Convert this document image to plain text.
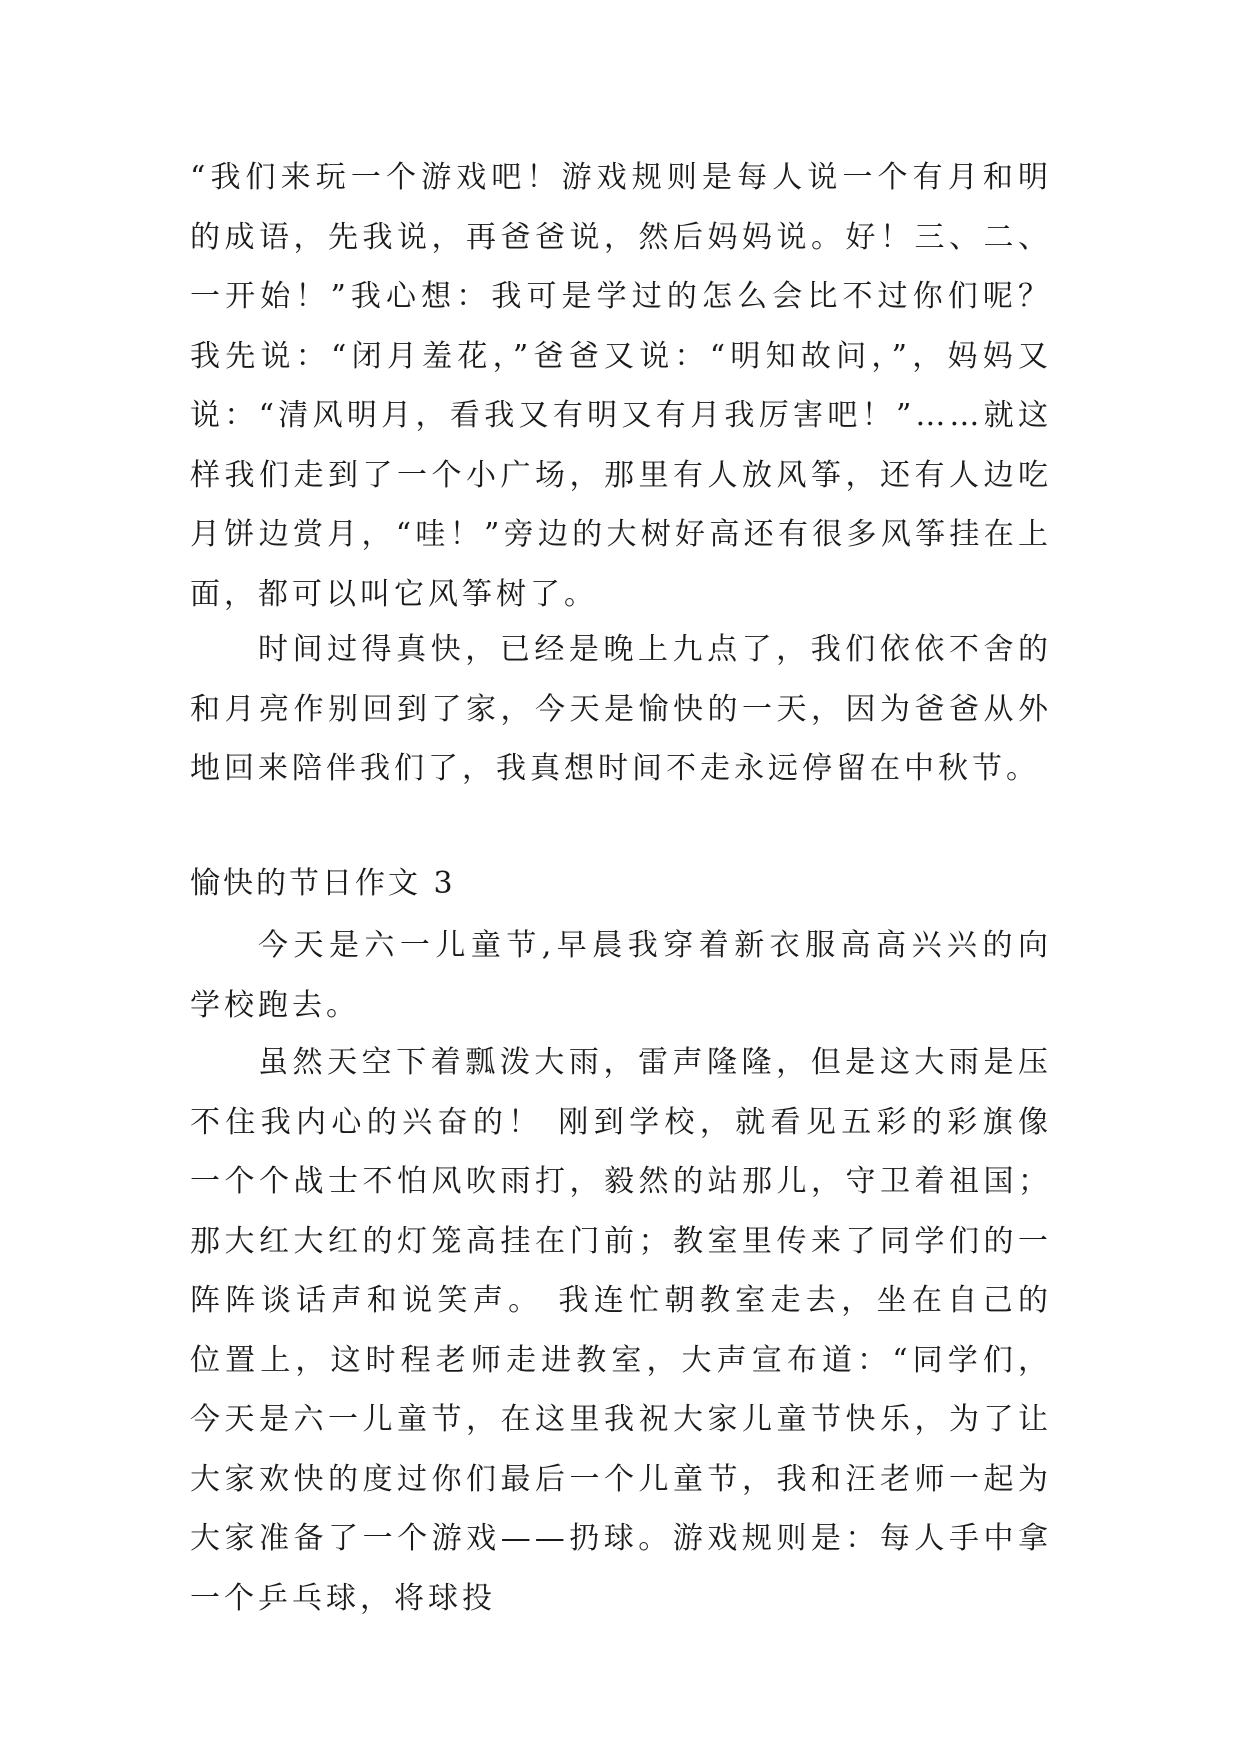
“我们来玩一个游戏吧！游戏规则是每人说一个有月和明的成语，先我说，再爸爸说，然后妈妈说。好！三、二、一开始！”我心想：我可是学过的怎么会比不过你们呢？我先说：“闭月羞花，”爸爸又说：“明知故问，”，妈妈又说：“清风明月，看我又有明又有月我厉害吧！”……就这样我们走到了一个小广场，那里有人放风筝，还有人边吃月饼边赏月，“哇！”旁边的大树好高还有很多风筝挂在上面，都可以叫它风筝树了。
时间过得真快，已经是晚上九点了，我们依依不舍的和月亮作别回到了家，今天是愉快的一天，因为爸爸从外地回来陪伴我们了，我真想时间不走永远停留在中秋节。
愉快的节日作文 3
今天是六一儿童节,早晨我穿着新衣服高高兴兴的向学校跑去。
虽然天空下着瓢泼大雨，雷声隆隆，但是这大雨是压不住我内心的兴奋的！ 刚到学校，就看见五彩的彩旗像一个个战士不怕风吹雨打，毅然的站那儿，守卫着祖国；那大红大红的灯笼高挂在门前；教室里传来了同学们的一阵阵谈话声和说笑声。 我连忙朝教室走去，坐在自己的位置上，这时程老师走进教室，大声宣布道：“同学们，今天是六一儿童节，在这里我祝大家儿童节快乐，为了让大家欢快的度过你们最后一个儿童节，我和汪老师一起为大家准备了一个游戏——扔球。游戏规则是：每人手中拿一个乒乓球，将球投
